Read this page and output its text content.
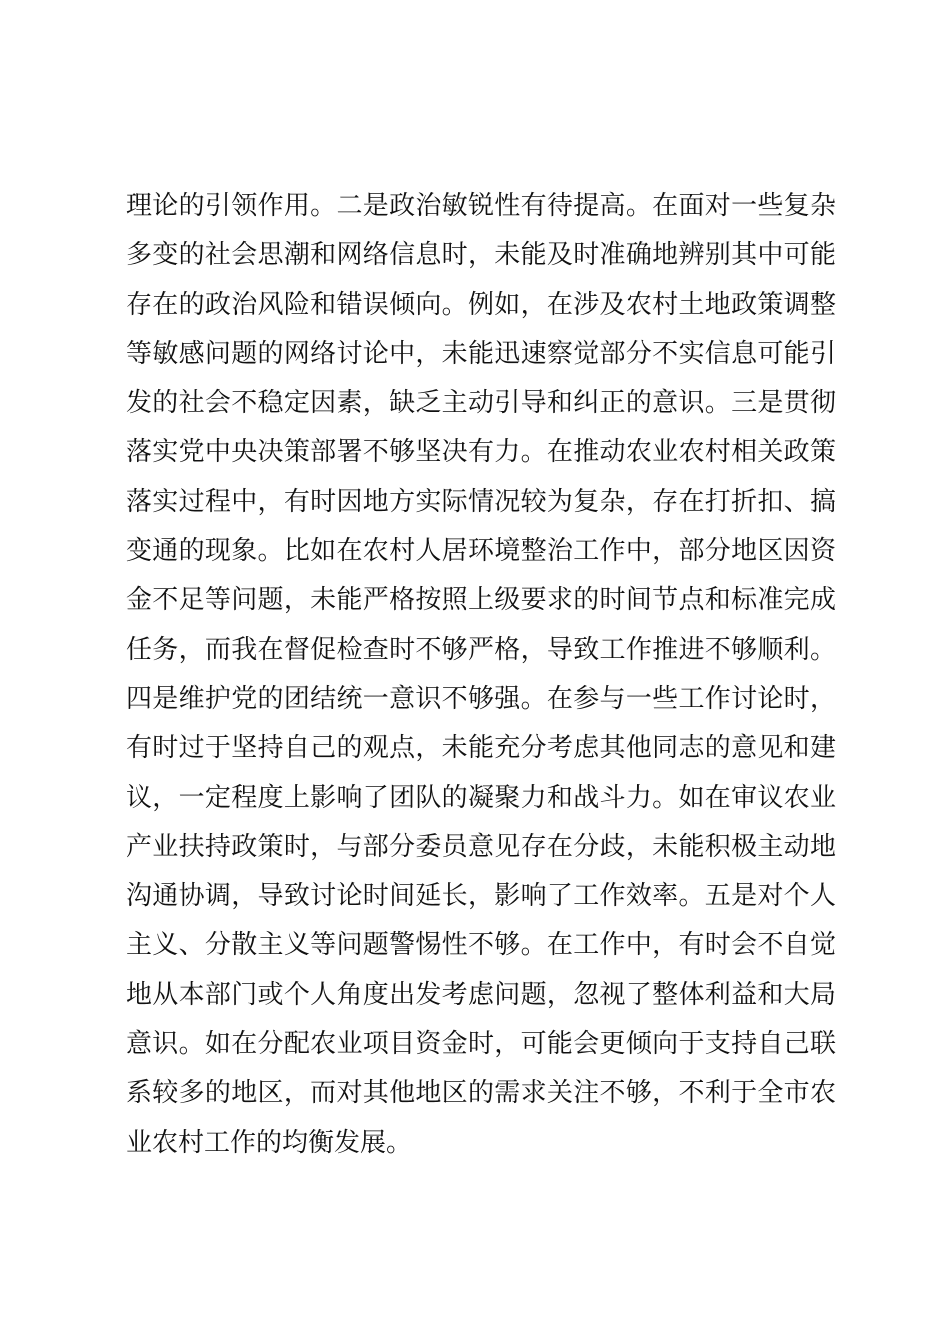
理论的引领作用。二是政治敏锐性有待提高。在面对一些复杂
多变的社会思潮和网络信息时，未能及时准确地辨别其中可能
存在的政治风险和错误倾向。例如，在涉及农村土地政策调整
等敏感问题的网络讨论中，未能迅速察觉部分不实信息可能引
发的社会不稳定因素，缺乏主动引导和纠正的意识。三是贯彻
落实党中央决策部署不够坚决有力。在推动农业农村相关政策
落实过程中，有时因地方实际情况较为复杂，存在打折扣、搞
变通的现象。比如在农村人居环境整治工作中，部分地区因资
金不足等问题，未能严格按照上级要求的时间节点和标准完成
任务，而我在督促检查时不够严格，导致工作推进不够顺利。
四是维护党的团结统一意识不够强。在参与一些工作讨论时，
有时过于坚持自己的观点，未能充分考虑其他同志的意见和建
议，一定程度上影响了团队的凝聚力和战斗力。如在审议农业
产业扶持政策时，与部分委员意见存在分歧，未能积极主动地
沟通协调，导致讨论时间延长，影响了工作效率。五是对个人
主义、分散主义等问题警惕性不够。在工作中，有时会不自觉
地从本部门或个人角度出发考虑问题，忽视了整体利益和大局
意识。如在分配农业项目资金时，可能会更倾向于支持自己联
系较多的地区，而对其他地区的需求关注不够，不利于全市农
业农村工作的均衡发展。
